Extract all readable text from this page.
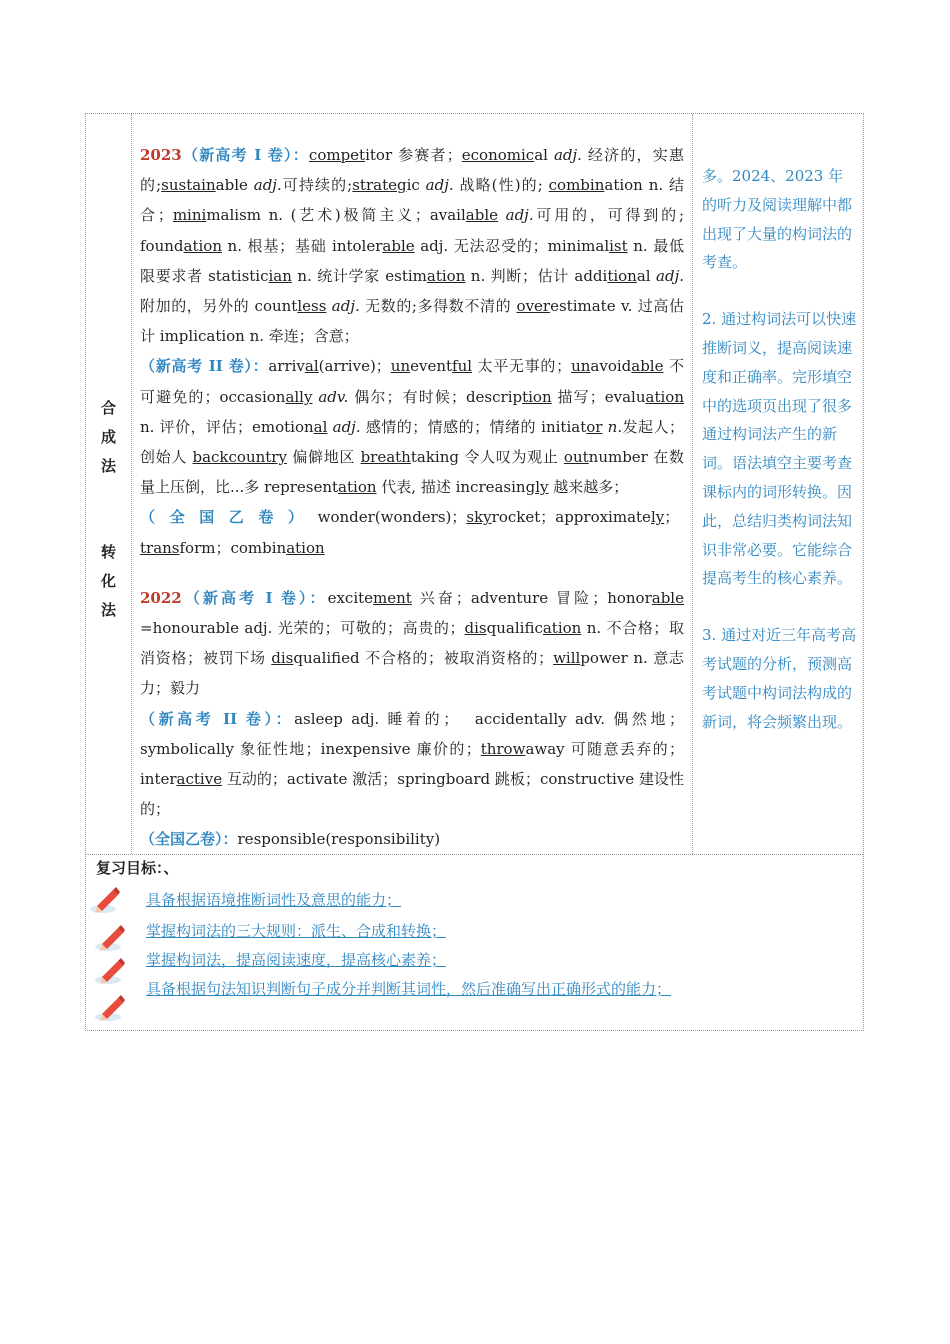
合
成
法
转
化
法

2023（新高考 I 卷）：competitor 参赛者；economical adj. 经济的，实惠的;sustainable adj.可持续的;strategic adj. 战略(性)的; combination n. 结合；minimalism n. (艺术)极简主义；available adj.可用的，可得到的; foundation n. 根基；基础 intolerable adj. 无法忍受的；minimalist n. 最低限要求者 statistician n. 统计学家 estimation n. 判断；估计 additional adj. 附加的，另外的 countless adj. 无数的;多得数不清的 overestimate v. 过高估计 implication n. 牵连；含意；

（新高考 II 卷）：arrival(arrive)；uneventful 太平无事的；unavoidable 不可避免的；occasionally adv. 偶尔；有时候；description 描写；evaluation n. 评价，评估；emotional adj. 感情的；情感的；情绪的 initiator n.发起人；创始人 backcountry 偏僻地区 breathtaking 令人叹为观止 outnumber 在数量上压倒，比...多 representation 代表, 描述 increasingly 越来越多；

（全国乙卷）wonder(wonders)；skyrocket；approximately；  transform；combination

2022（新高考 I 卷）：excitement 兴奋；adventure 冒险；honorable =honourable adj. 光荣的；可敬的；高贵的；disqualification n. 不合格；取消资格；被罚下场 disqualified 不合格的；被取消资格的；willpower n. 意志力；毅力

（新高考 II 卷）：asleep adj. 睡着的；  accidentally adv. 偶然地；symbolically 象征性地；inexpensive 廉价的；throwaway 可随意丢弃的；interactive 互动的；activate 激活；springboard 跳板；constructive 建设性的；

（全国乙卷）：responsible(responsibility)

多。2024、2023 年的听力及阅读理解中都出现了大量的构词法的考查。
2. 通过构词法可以快速推断词义，提高阅读速度和正确率。完形填空中的选项页出现了很多通过构词法产生的新词。语法填空主要考查课标内的词形转换。因此，总结归类构词法知识非常必要。它能综合提高考生的核心素养。
3. 通过对近三年高考高考试题的分析，预测高考试题中构词法构成的新词，将会频繁出现。
复习目标：、
具备根据语境推断词性及意思的能力；
掌握构词法的三大规则：派生、合成和转换；
掌握构词法，提高阅读速度，提高核心素养；
具备根据句法知识判断句子成分并判断其词性，然后准确写出正确形式的能力；
